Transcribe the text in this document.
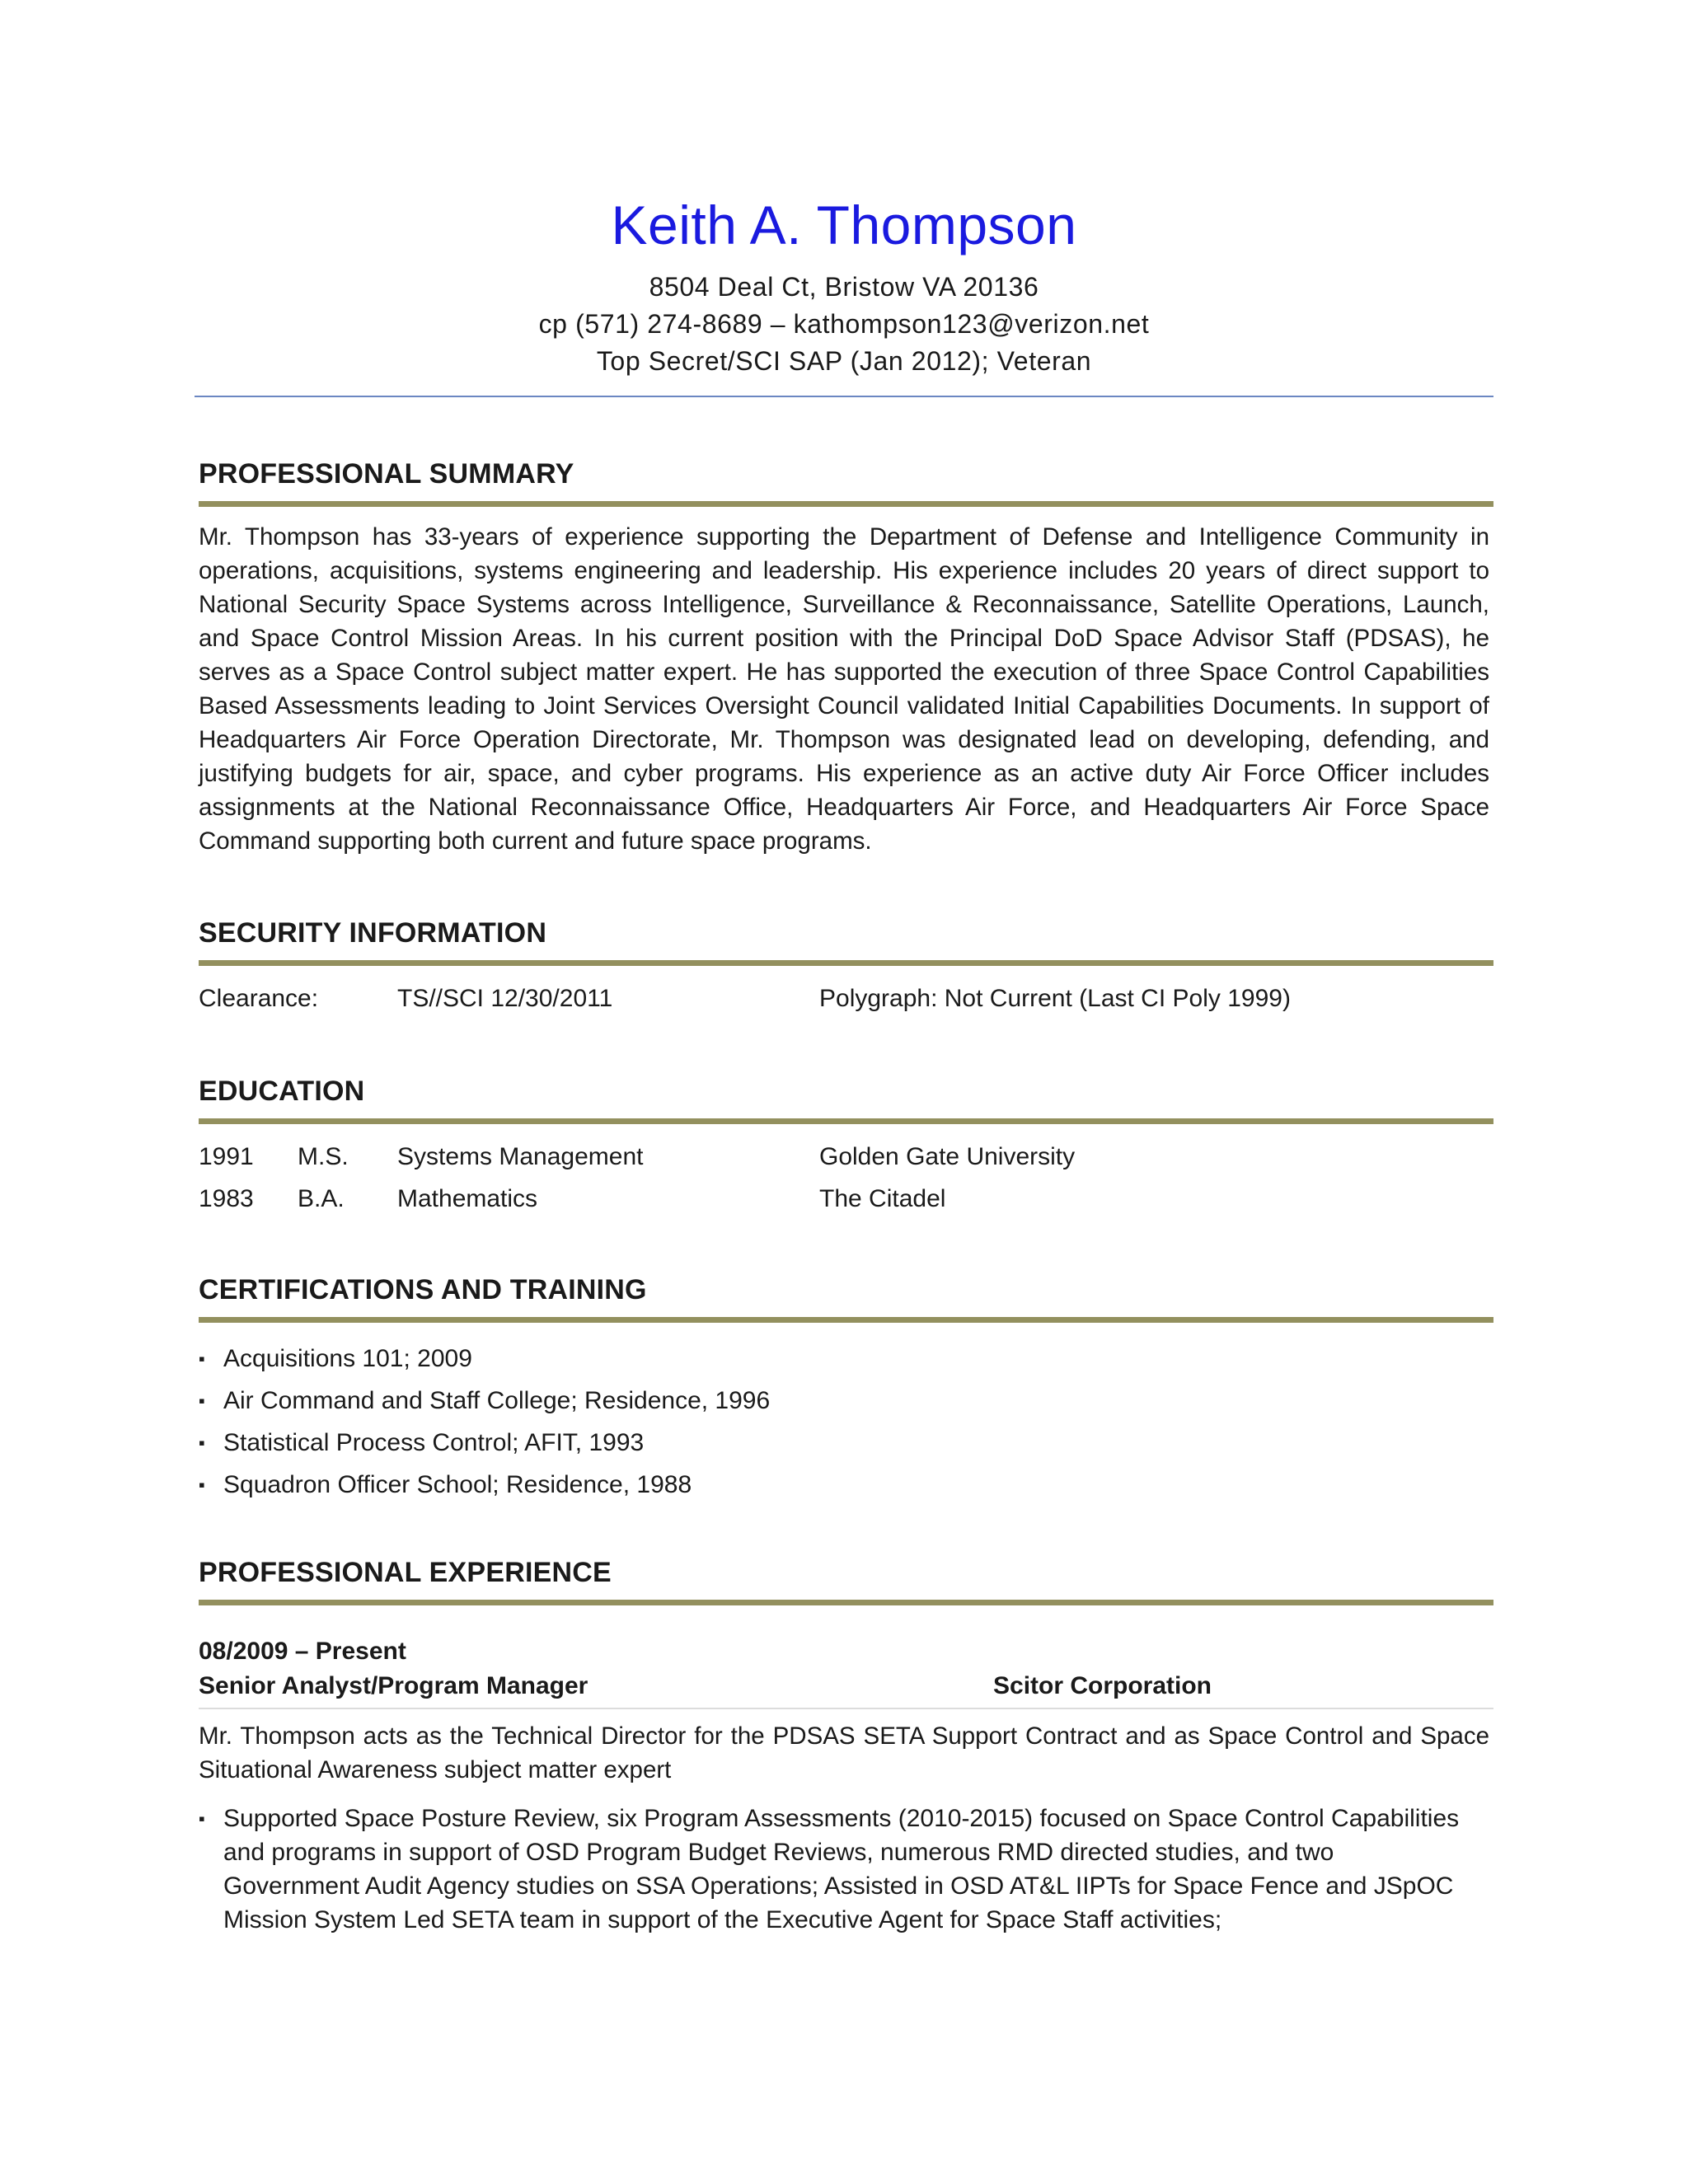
Keith A. Thompson
8504 Deal Ct, Bristow VA 20136
cp (571) 274-8689 – kathompson123@verizon.net
Top Secret/SCI SAP (Jan 2012); Veteran
PROFESSIONAL SUMMARY
Mr. Thompson has 33-years of experience supporting the Department of Defense and Intelligence Community in operations, acquisitions, systems engineering and leadership. His experience includes 20 years of direct support to National Security Space Systems across Intelligence, Surveillance & Reconnaissance, Satellite Operations, Launch, and Space Control Mission Areas. In his current position with the Principal DoD Space Advisor Staff (PDSAS), he serves as a Space Control subject matter expert. He has supported the execution of three Space Control Capabilities Based Assessments leading to Joint Services Oversight Council validated Initial Capabilities Documents. In support of Headquarters Air Force Operation Directorate, Mr. Thompson was designated lead on developing, defending, and justifying budgets for air, space, and cyber programs. His experience as an active duty Air Force Officer includes assignments at the National Reconnaissance Office, Headquarters Air Force, and Headquarters Air Force Space Command supporting both current and future space programs.
SECURITY INFORMATION
Clearance:	TS//SCI 12/30/2011	Polygraph: Not Current (Last CI Poly 1999)
EDUCATION
1991 M.S. Systems Management	Golden Gate University
1983 B.A. Mathematics	The Citadel
CERTIFICATIONS AND TRAINING
▪ Acquisitions 101; 2009
▪ Air Command and Staff College; Residence, 1996
▪ Statistical Process Control; AFIT, 1993
▪ Squadron Officer School; Residence, 1988
PROFESSIONAL EXPERIENCE
08/2009 – Present
Senior Analyst/Program Manager	Scitor Corporation
Mr. Thompson acts as the Technical Director for the PDSAS SETA Support Contract and as Space Control and Space Situational Awareness subject matter expert
▪ Supported Space Posture Review, six Program Assessments (2010-2015) focused on Space Control Capabilities and programs in support of OSD Program Budget Reviews, numerous RMD directed studies, and two Government Audit Agency studies on SSA Operations; Assisted in OSD AT&L IIPTs for Space Fence and JSpOC Mission System Led SETA team in support of the Executive Agent for Space Staff activities;
